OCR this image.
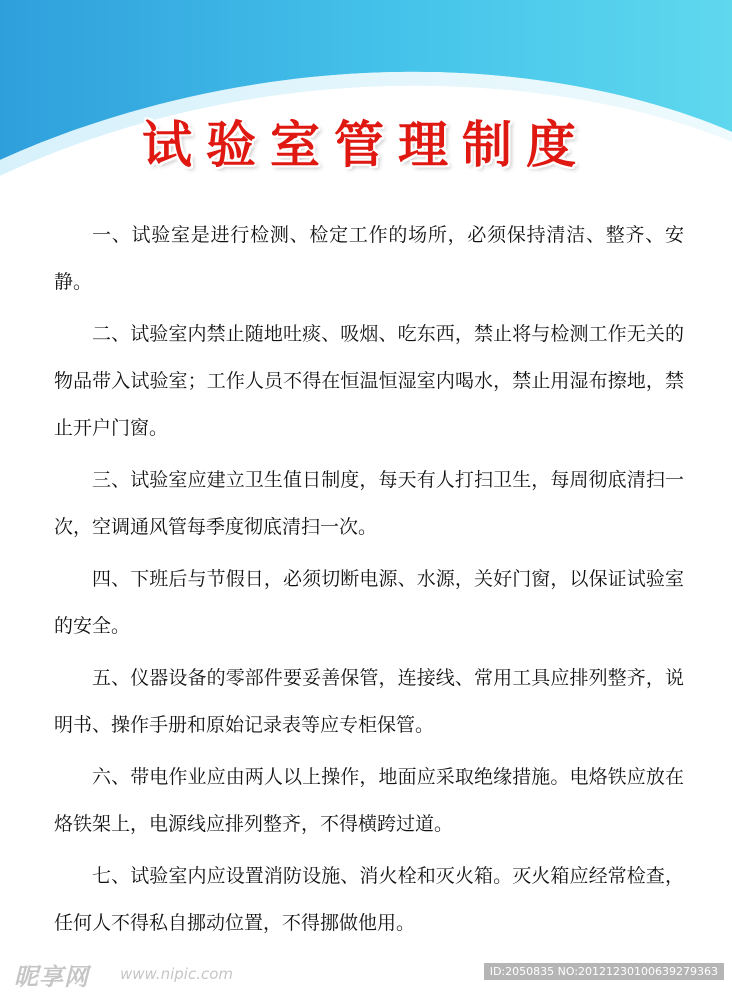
试验室管理制度
一、试验室是进行检测、检定工作的场所，必须保持清洁、整齐、安静。
二、试验室内禁止随地吐痰、吸烟、吃东西，禁止将与检测工作无关的物品带入试验室；工作人员不得在恒温恒湿室内喝水，禁止用湿布擦地，禁止开户门窗。
三、试验室应建立卫生值日制度，每天有人打扫卫生，每周彻底清扫一次，空调通风管每季度彻底清扫一次。
四、下班后与节假日，必须切断电源、水源，关好门窗，以保证试验室的安全。
五、仪器设备的零部件要妥善保管，连接线、常用工具应排列整齐，说明书、操作手册和原始记录表等应专柜保管。
六、带电作业应由两人以上操作，地面应采取绝缘措施。电烙铁应放在烙铁架上，电源线应排列整齐，不得横跨过道。
七、试验室内应设置消防设施、消火栓和灭火箱。灭火箱应经常检查，任何人不得私自挪动位置，不得挪做他用。
昵享网 www.nipic.com	ID:2050835 NO:20121230100639279363
